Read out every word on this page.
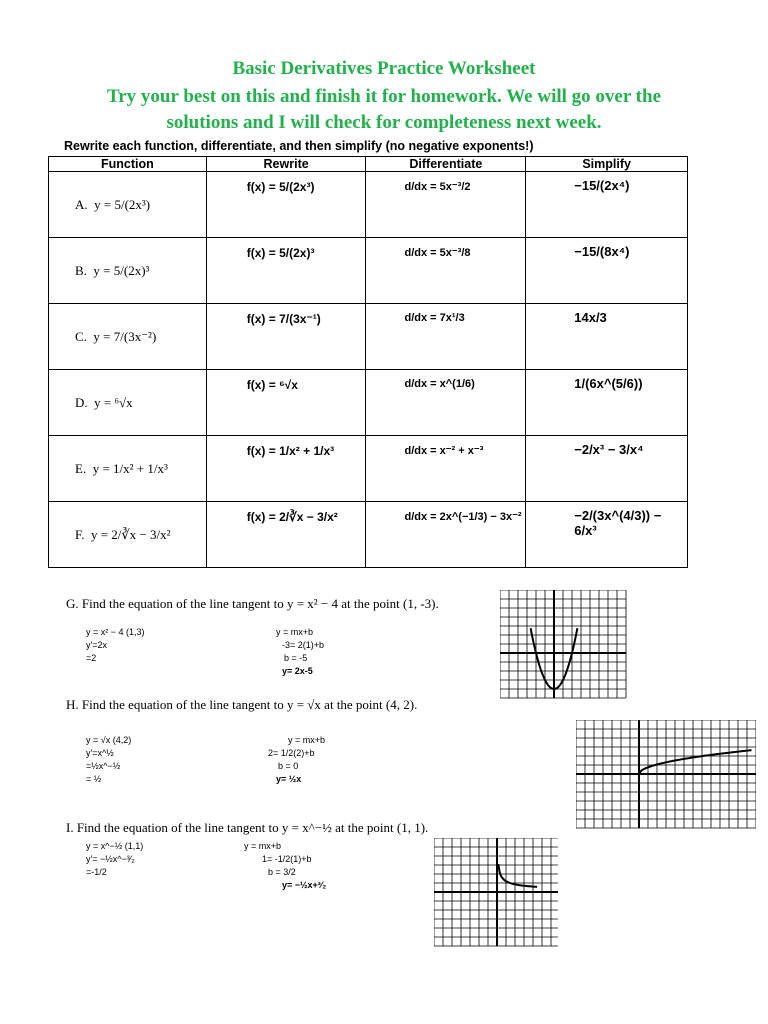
Basic Derivatives Practice Worksheet
Try your best on this and finish it for homework. We will go over the
solutions and I will check for completeness next week.
Rewrite each function, differentiate, and then simplify (no negative exponents!)
Function	Rewrite	Differentiate	Simplify
A. y = 5/(2x³)	f(x) = 5/(2x³)	d/dx = 5x⁻³/2	−15/(2x⁴)

B. y = 5/(2x)³	f(x) = 5/(2x)³	d/dx = 5x⁻³/8	−15/(8x⁴)

C. y = 7/(3x⁻²)	f(x) = 7/(3x⁻¹)	d/dx = 7x¹/3	14x/3

D. y = ⁶√x	f(x) = ⁶√x	d/dx = x^(1/6)	1/(6x^(5/6))

E. y = 1/x² + 1/x³	f(x) = 1/x² + 1/x³	d/dx = x⁻² + x⁻³	−2/x³ − 3/x⁴

F. y = 2/∛x − 3/x²	f(x) = 2/∛x − 3/x²	d/dx = 2x^(−1/3) − 3x⁻²	−2/(3x^(4/3)) − 6/x³
G. Find the equation of the line tangent to y = x² − 4 at the point (1, -3).
y = x² − 4 (1,3)
y'=2x
=2
y = mx+b
-3= 2(1)+b
b = -5
y= 2x-5
H. Find the equation of the line tangent to y = √x at the point (4, 2).
y = √x (4,2)
y'=x^½
=½x^−½
= ½
y = mx+b
2= 1/2(2)+b
b = 0
y= ½x
I. Find the equation of the line tangent to y = x^−½ at the point (1, 1).
y = x^−½ (1,1)
y'= −½x^−³⁄₂
=-1/2
y = mx+b
1= -1/2(1)+b
b = 3/2
y= −½x+³⁄₂
